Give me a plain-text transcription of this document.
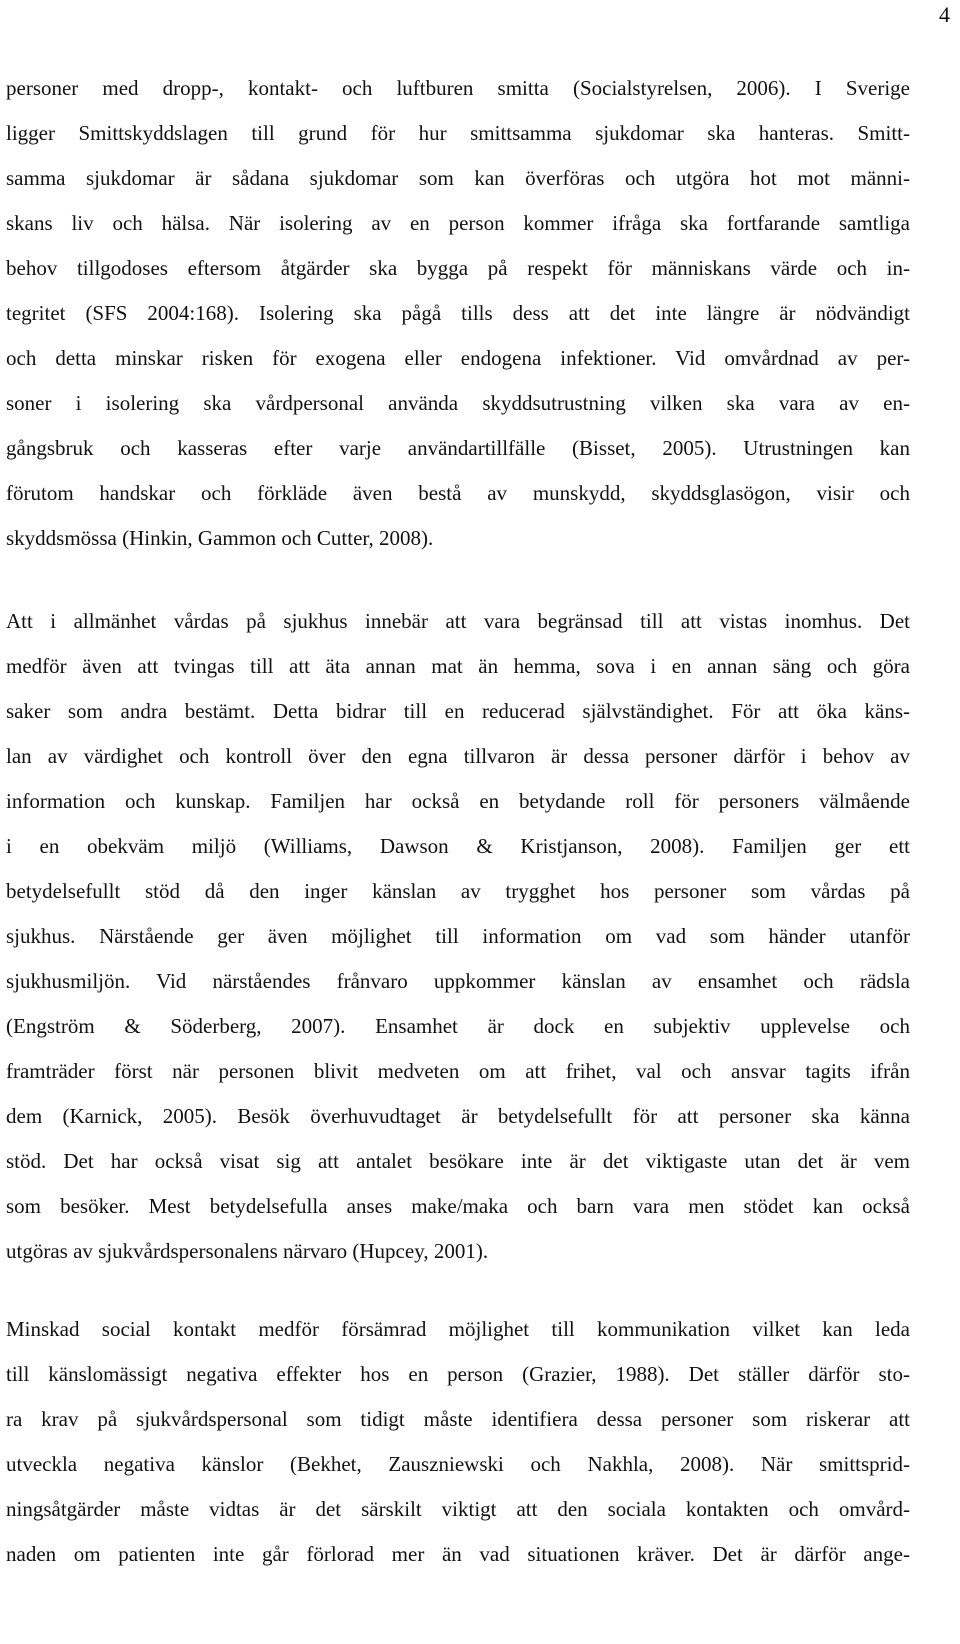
4
personer med dropp-, kontakt- och luftburen smitta (Socialstyrelsen, 2006). I Sverige
ligger Smittskyddslagen till grund för hur smittsamma sjukdomar ska hanteras. Smitt-
samma sjukdomar är sådana sjukdomar som kan överföras och utgöra hot mot männi-
skans liv och hälsa. När isolering av en person kommer ifråga ska fortfarande samtliga
behov tillgodoses eftersom åtgärder ska bygga på respekt för människans värde och in-
tegritet (SFS 2004:168). Isolering ska pågå tills dess att det inte längre är nödvändigt
och detta minskar risken för exogena eller endogena infektioner. Vid omvårdnad av per-
soner i isolering ska vårdpersonal använda skyddsutrustning vilken ska vara av en-
gångsbruk och kasseras efter varje användartillfälle (Bisset, 2005). Utrustningen kan
förutom handskar och förkläde även bestå av munskydd, skyddsglasögon, visir och
skyddsmössa (Hinkin, Gammon och Cutter, 2008).
Att i allmänhet vårdas på sjukhus innebär att vara begränsad till att vistas inomhus. Det
medför även att tvingas till att äta annan mat än hemma, sova i en annan säng och göra
saker som andra bestämt. Detta bidrar till en reducerad självständighet. För att öka käns-
lan av värdighet och kontroll över den egna tillvaron är dessa personer därför i behov av
information och kunskap. Familjen har också en betydande roll för personers välmående
i en obekväm miljö (Williams, Dawson & Kristjanson, 2008). Familjen ger ett
betydelsefullt stöd då den inger känslan av trygghet hos personer som vårdas på
sjukhus. Närstående ger även möjlighet till information om vad som händer utanför
sjukhusmiljön. Vid närståendes frånvaro uppkommer känslan av ensamhet och rädsla
(Engström & Söderberg, 2007). Ensamhet är dock en subjektiv upplevelse och
framträder först när personen blivit medveten om att frihet, val och ansvar tagits ifrån
dem (Karnick, 2005). Besök överhuvudtaget är betydelsefullt för att personer ska känna
stöd. Det har också visat sig att antalet besökare inte är det viktigaste utan det är vem
som besöker. Mest betydelsefulla anses make/maka och barn vara men stödet kan också
utgöras av sjukvårdspersonalens närvaro (Hupcey, 2001).
Minskad social kontakt medför försämrad möjlighet till kommunikation vilket kan leda
till känslomässigt negativa effekter hos en person (Grazier, 1988). Det ställer därför sto-
ra krav på sjukvårdspersonal som tidigt måste identifiera dessa personer som riskerar att
utveckla negativa känslor (Bekhet, Zauszniewski och Nakhla, 2008). När smittsprid-
ningsåtgärder måste vidtas är det särskilt viktigt att den sociala kontakten och omvård-
naden om patienten inte går förlorad mer än vad situationen kräver. Det är därför ange-
